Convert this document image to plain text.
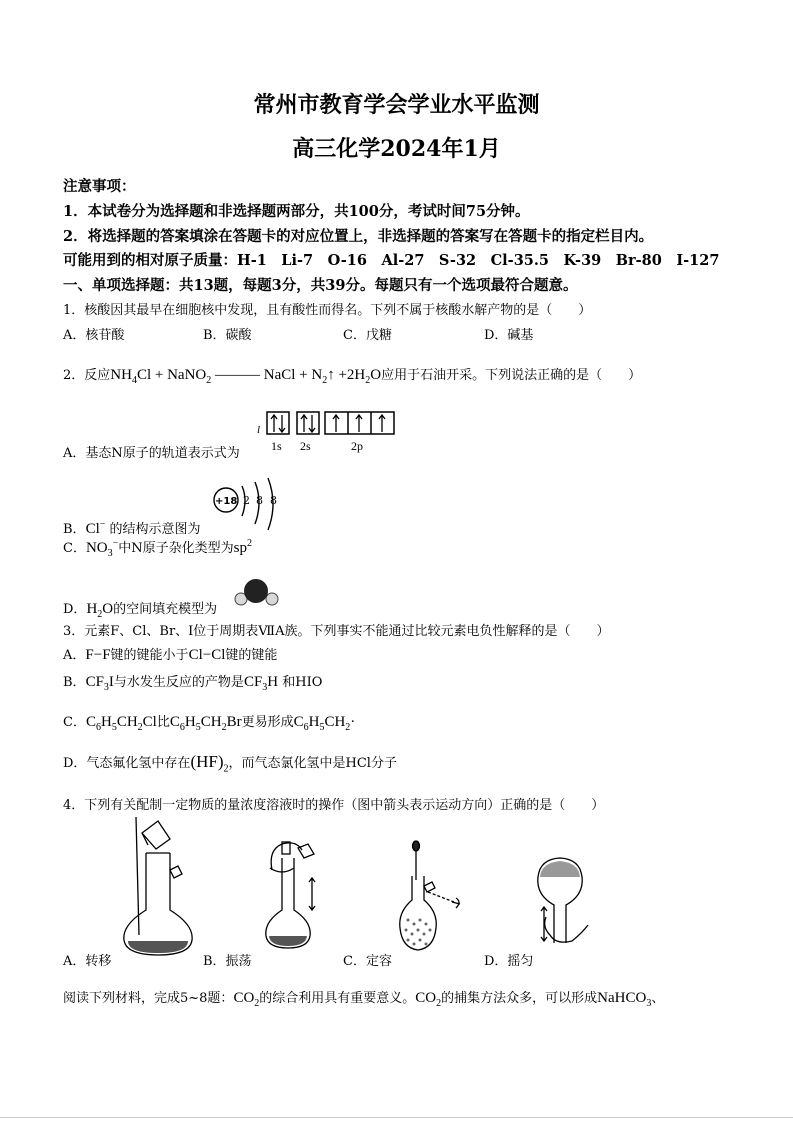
常州市教育学会学业水平监测
高三化学2024年1月
注意事项：
1．本试卷分为选择题和非选择题两部分，共100分，考试时间75分钟。
2．将选择题的答案填涂在答题卡的对应位置上，非选择题的答案写在答题卡的指定栏目内。
可能用到的相对原子质量：H-1　Li-7　O-16　Al-27　S-32　Cl-35.5　K-39　Br-80　I-127
一、单项选择题：共13题，每题3分，共39分。每题只有一个选项最符合题意。
1．核酸因其最早在细胞核中发现，且有酸性而得名。下列不属于核酸水解产物的是（　　）
A．核苷酸	B．碳酸	C．戊糖	D．碱基
2．反应$NH_4Cl$ + NaNO$_2$ ——— NaCl + $N_2↑ +2H_2O$应用于石油开采。下列说法正确的是（　　）
A．基态N原子的轨道表示式为
l
1s 2s	2p
B．Cl− 的结构示意图为
+18 2 8 8
C．$NO_3^-$中N原子杂化类型为$sp^2$
D．$H_2O$的空间填充模型为
3．元素F、Cl、Br、I位于周期表ⅦA族。下列事实不能通过比较元素电负性解释的是（　　）
A．F−F键的键能小于Cl−Cl键的键能
B．$CF_3I$与水发生反应的产物是$CF_3H$ 和HIO
C．$C_6H_5CH_2Cl$比$C_6H_5CH_2Br$更易形成$C_6H_5CH_2\cdot$
D．气态氟化氢中存在$(HF)_2$，而气态氯化氢中是HCl分子
4．下列有关配制一定物质的量浓度溶液时的操作（图中箭头表示运动方向）正确的是（　　）
A．转移	B．振荡	C．定容	D．摇匀
阅读下列材料，完成5~8题：$CO_2$的综合利用具有重要意义。$CO_2$的捕集方法众多，可以形成NaHCO$_3$、
